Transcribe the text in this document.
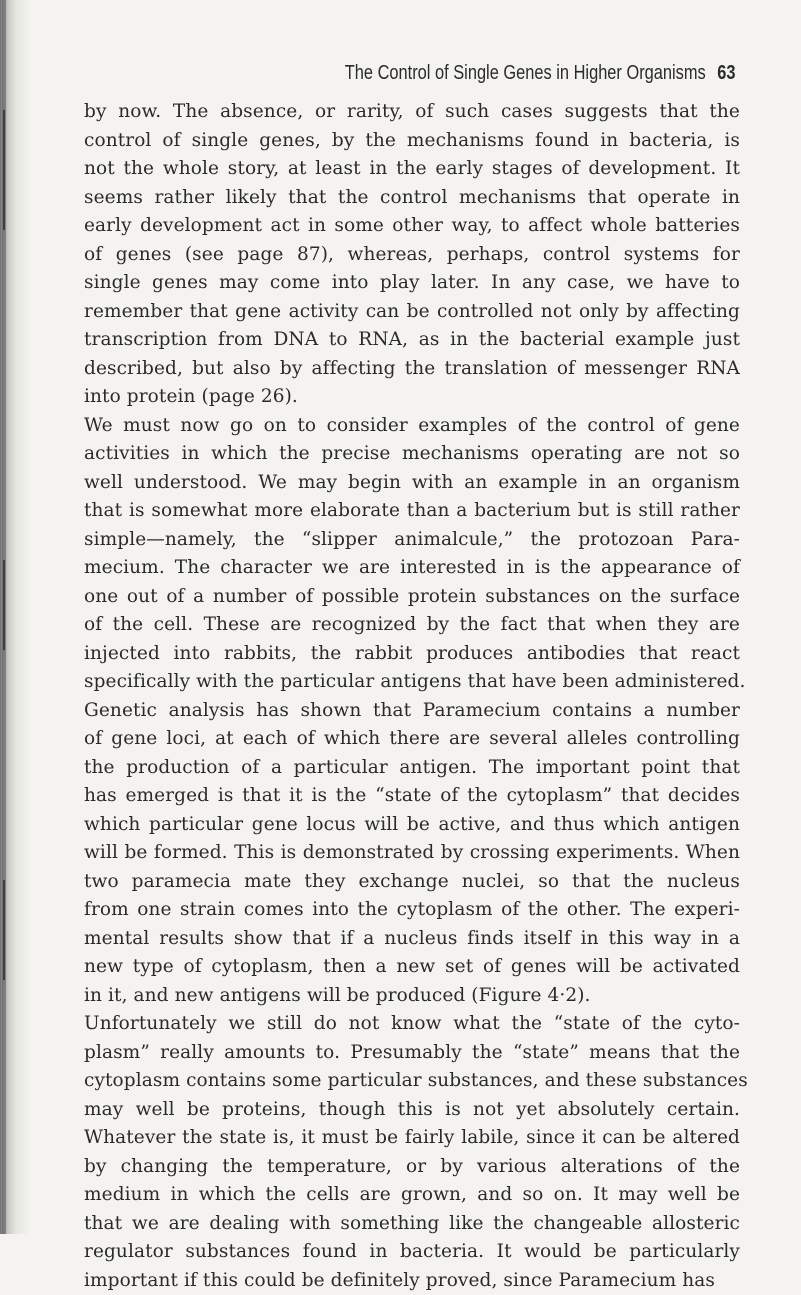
The Control of Single Genes in Higher Organisms 63
by now. The absence, or rarity, of such cases suggests that the
control of single genes, by the mechanisms found in bacteria, is
not the whole story, at least in the early stages of development. It
seems rather likely that the control mechanisms that operate in
early development act in some other way, to affect whole batteries
of genes (see page 87), whereas, perhaps, control systems for
single genes may come into play later. In any case, we have to
remember that gene activity can be controlled not only by affecting
transcription from DNA to RNA, as in the bacterial example just
described, but also by affecting the translation of messenger RNA
into protein (page 26).
We must now go on to consider examples of the control of gene
activities in which the precise mechanisms operating are not so
well understood. We may begin with an example in an organism
that is somewhat more elaborate than a bacterium but is still rather
simple—namely, the “slipper animalcule,” the protozoan Para-
mecium. The character we are interested in is the appearance of
one out of a number of possible protein substances on the surface
of the cell. These are recognized by the fact that when they are
injected into rabbits, the rabbit produces antibodies that react
specifically with the particular antigens that have been administered.
Genetic analysis has shown that Paramecium contains a number
of gene loci, at each of which there are several alleles controlling
the production of a particular antigen. The important point that
has emerged is that it is the “state of the cytoplasm” that decides
which particular gene locus will be active, and thus which antigen
will be formed. This is demonstrated by crossing experiments. When
two paramecia mate they exchange nuclei, so that the nucleus
from one strain comes into the cytoplasm of the other. The experi-
mental results show that if a nucleus finds itself in this way in a
new type of cytoplasm, then a new set of genes will be activated
in it, and new antigens will be produced (Figure 4·2).
Unfortunately we still do not know what the “state of the cyto-
plasm” really amounts to. Presumably the “state” means that the
cytoplasm contains some particular substances, and these substances
may well be proteins, though this is not yet absolutely certain.
Whatever the state is, it must be fairly labile, since it can be altered
by changing the temperature, or by various alterations of the
medium in which the cells are grown, and so on. It may well be
that we are dealing with something like the changeable allosteric
regulator substances found in bacteria. It would be particularly
important if this could be definitely proved, since Paramecium has
